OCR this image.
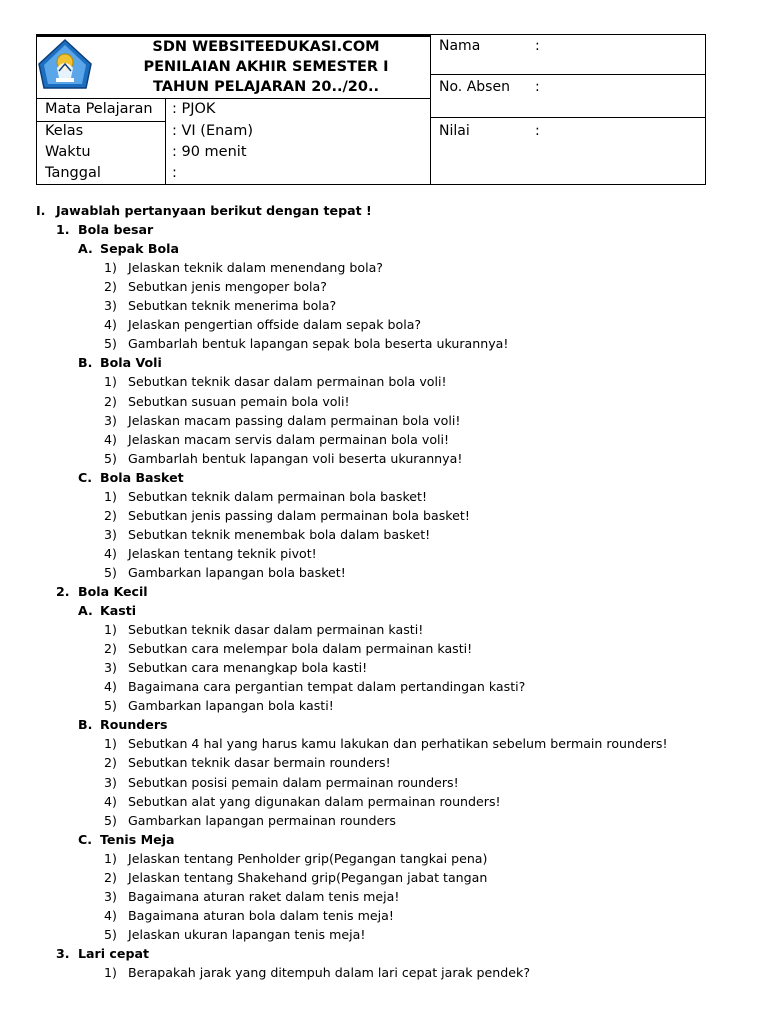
SDN WEBSITEEDUKASI.COM
PENILAIAN AKHIR SEMESTER I
TAHUN PELAJARAN 20../20..
Mata Pelajaran : PJOK
Kelas	: VI (Enam)
Waktu	: 90 menit
Tanggal	:
Nama	:
No. Absen :
Nilai	:
I. Jawablah pertanyaan berikut dengan tepat !
1. Bola besar
A. Sepak Bola
1) Jelaskan teknik dalam menendang bola?
2) Sebutkan jenis mengoper bola?
3) Sebutkan teknik menerima bola?
4) Jelaskan pengertian offside dalam sepak bola?
5) Gambarlah bentuk lapangan sepak bola beserta ukurannya!
B. Bola Voli
1) Sebutkan teknik dasar dalam permainan bola voli!
2) Sebutkan susuan pemain bola voli!
3) Jelaskan macam passing dalam permainan bola voli!
4) Jelaskan macam servis dalam permainan bola voli!
5) Gambarlah bentuk lapangan voli beserta ukurannya!
C. Bola Basket
1) Sebutkan teknik dalam permainan bola basket!
2) Sebutkan jenis passing dalam permainan bola basket!
3) Sebutkan teknik menembak bola dalam basket!
4) Jelaskan tentang teknik pivot!
5) Gambarkan lapangan bola basket!
2. Bola Kecil
A. Kasti
1) Sebutkan teknik dasar dalam permainan kasti!
2) Sebutkan cara melempar bola dalam permainan kasti!
3) Sebutkan cara menangkap bola kasti!
4) Bagaimana cara pergantian tempat dalam pertandingan kasti?
5) Gambarkan lapangan bola kasti!
B. Rounders
1) Sebutkan 4 hal yang harus kamu lakukan dan perhatikan sebelum bermain rounders!
2) Sebutkan teknik dasar bermain rounders!
3) Sebutkan posisi pemain dalam permainan rounders!
4) Sebutkan alat yang digunakan dalam permainan rounders!
5) Gambarkan lapangan permainan rounders
C. Tenis Meja
1) Jelaskan tentang Penholder grip(Pegangan tangkai pena)
2) Jelaskan tentang Shakehand grip(Pegangan jabat tangan
3) Bagaimana aturan raket dalam tenis meja!
4) Bagaimana aturan bola dalam tenis meja!
5) Jelaskan ukuran lapangan tenis meja!
3. Lari cepat
1) Berapakah jarak yang ditempuh dalam lari cepat jarak pendek?
